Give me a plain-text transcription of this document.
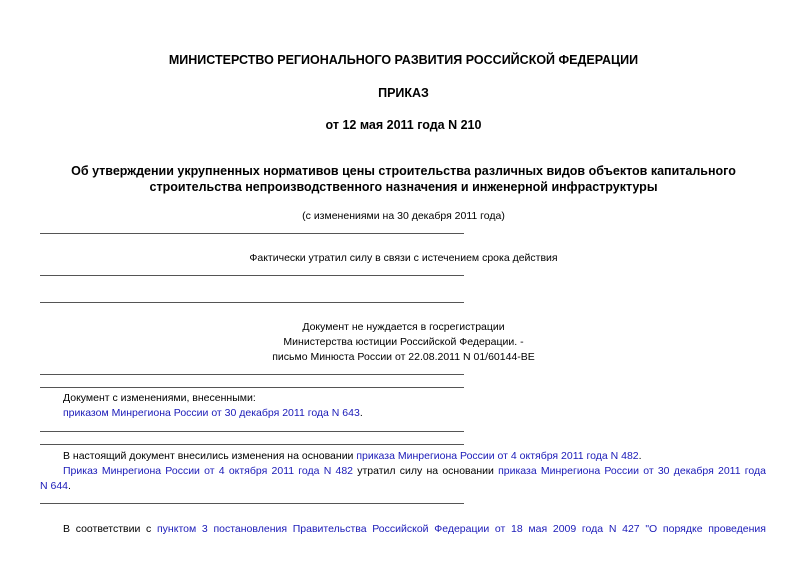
МИНИСТЕРСТВО РЕГИОНАЛЬНОГО РАЗВИТИЯ РОССИЙСКОЙ ФЕДЕРАЦИИ
ПРИКАЗ
от 12 мая 2011 года N 210
Об утверждении укрупненных нормативов цены строительства различных видов объектов капитального
строительства непроизводственного назначения и инженерной инфраструктуры
(с изменениями на 30 декабря 2011 года)
Фактически утратил силу в связи с истечением срока действия
Документ не нуждается в госрегистрации
Министерства юстиции Российской Федерации. -
письмо Минюста России от 22.08.2011 N 01/60144-ВЕ
Документ с изменениями, внесенными:
приказом Минрегиона России от 30 декабря 2011 года N 643.
В настоящий документ внесились изменения на основании приказа Минрегиона России от 4 октября 2011 года N 482.
Приказ Минрегиона России от 4 октября 2011 года N 482 утратил силу на основании приказа Минрегиона России от 30 декабря 2011 года
N 644.
В соответствии с пунктом 3 постановления Правительства Российской Федерации от 18 мая 2009 года N 427 "О порядке проведения
